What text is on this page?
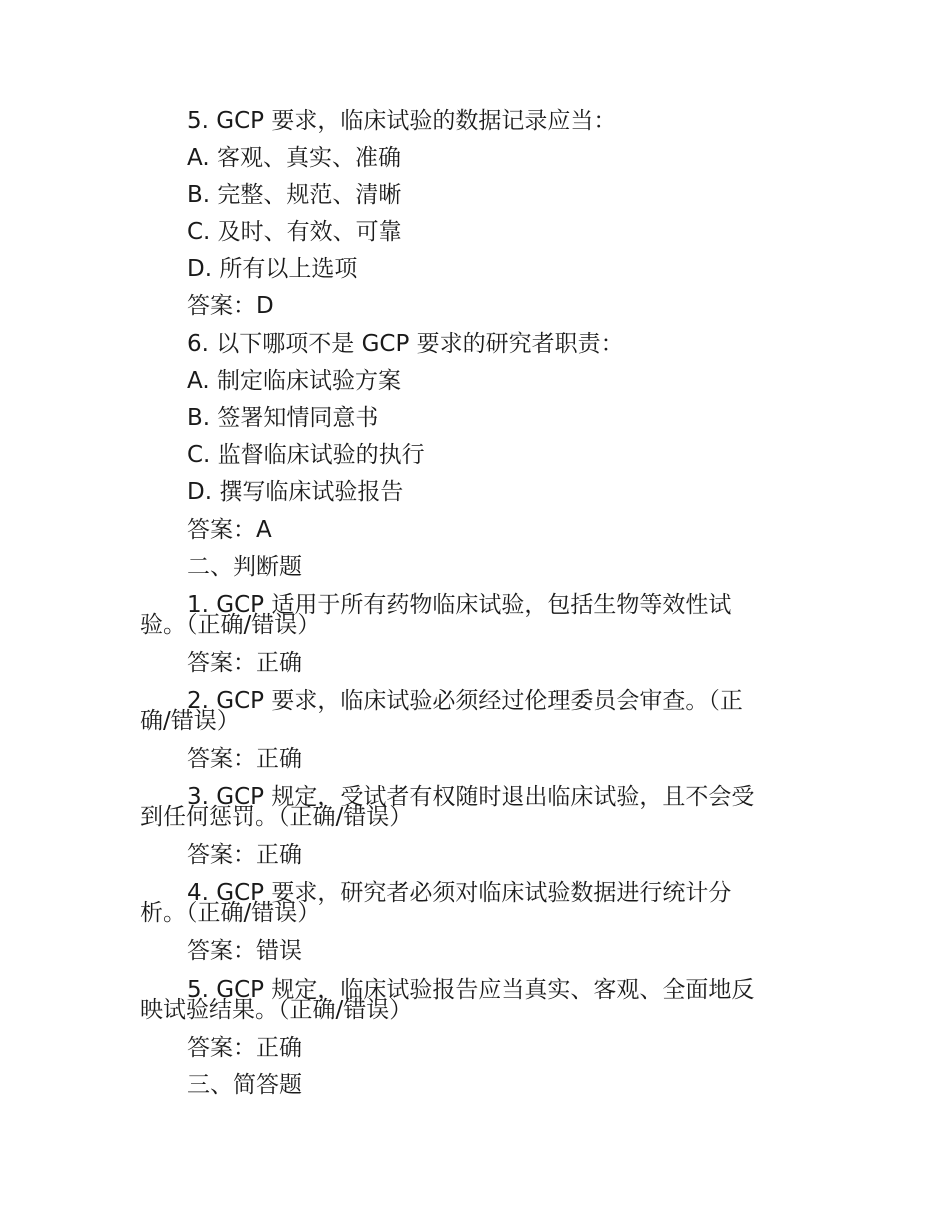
5. GCP 要求，临床试验的数据记录应当：
A. 客观、真实、准确
B. 完整、规范、清晰
C. 及时、有效、可靠
D. 所有以上选项
答案：D
6. 以下哪项不是 GCP 要求的研究者职责：
A. 制定临床试验方案
B. 签署知情同意书
C. 监督临床试验的执行
D. 撰写临床试验报告
答案：A
二、判断题
1. GCP 适用于所有药物临床试验，包括生物等效性试
验。（正确/错误）
答案：正确
2. GCP 要求，临床试验必须经过伦理委员会审查。（正
确/错误）
答案：正确
3. GCP 规定，受试者有权随时退出临床试验，且不会受
到任何惩罚。（正确/错误）
答案：正确
4. GCP 要求，研究者必须对临床试验数据进行统计分
析。（正确/错误）
答案：错误
5. GCP 规定，临床试验报告应当真实、客观、全面地反
映试验结果。（正确/错误）
答案：正确
三、简答题
